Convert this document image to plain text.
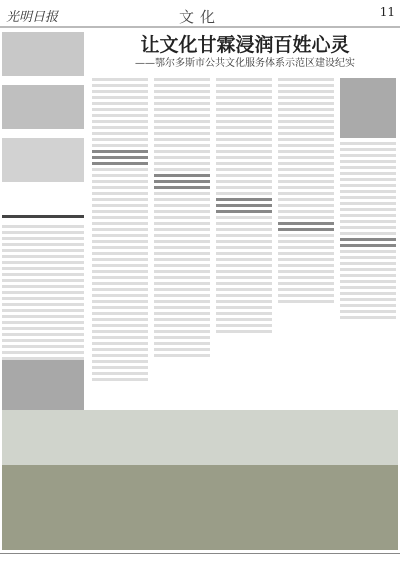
光明日报	文化	11
让文化甘霖浸润百姓心灵
——鄂尔多斯市公共文化服务体系示范区建设纪实
